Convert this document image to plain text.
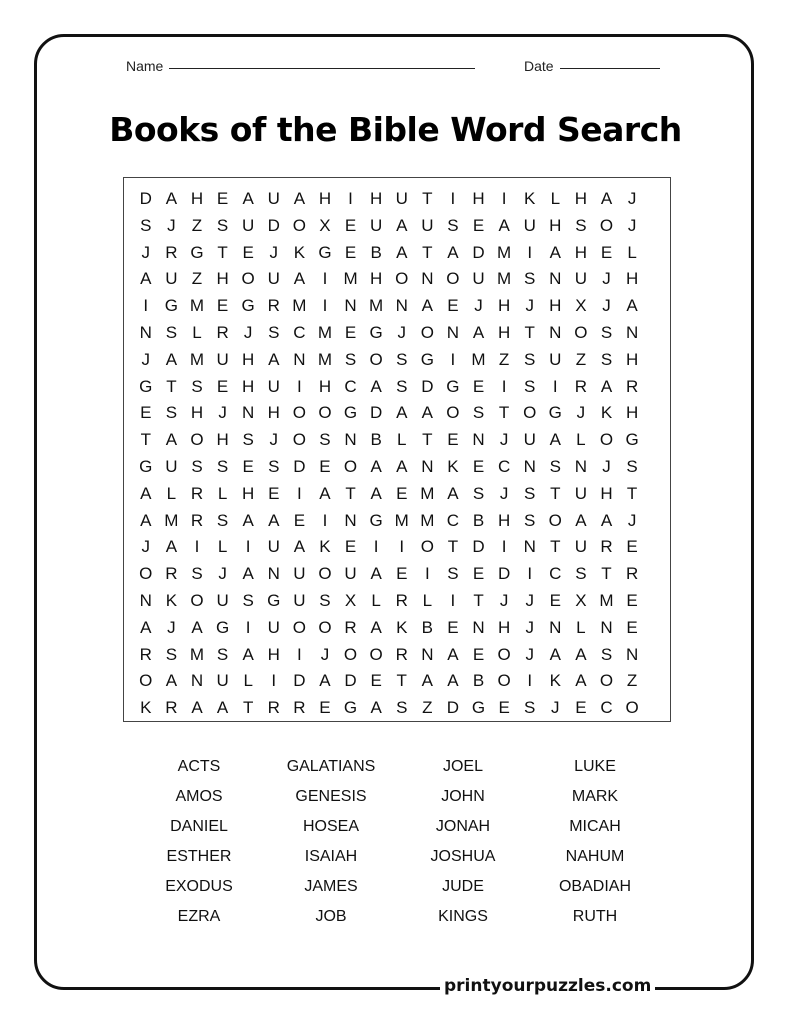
Name	Date
Books of the Bible Word Search
D A H E A U A H	I	H U T	I	H	I	K L H A J
S J Z S U D O X E U A U S E A U H S O J
J R G T E J K G E B A T A D M I	A H E L
A U Z H O U A	I M H O N O U M S N U J H
I G M E G R M I	N M N A E J H J H X J A
N S L R J S C M E G J O N A H T N O S N
J A M U H A N M S O S G I M Z S U Z S H
G T S E H U	I	H C A S D G E	I	S	I	R A R
E S H J N H O O G D A A O S T O G J K H
T A O H S J O S N B L T E N J U A L O G
G U S S E S D E O A A N K E C N S N J S
A L R L H E	I	A T A E M A S J S T U H T
A M R S A A E	I	N G M M C B H S O A A J
J A	I	L	I	U A K E	I	I O T D	I	N T U R E
O R S J A N U O U A E	I	S E D	I	C S T R
N K O U S G U S X L R L	I	T J	J E X M E
A J A G I	U O O R A K B E N H J N L N E
R S M S A H	I	J O O R N A E O J A A S N
O A N U L	I	D A D E T A A B O I	K A O Z
K R A A T R R E G A S Z D G E S J E C O
ACTS	GALATIANS	JOEL	LUKE
AMOS	GENESIS	JOHN	MARK
DANIEL	HOSEA	JONAH	MICAH
ESTHER	ISAIAH	JOSHUA	NAHUM
EXODUS	JAMES	JUDE	OBADIAH
EZRA	JOB	KINGS	RUTH
printyourpuzzles.com
